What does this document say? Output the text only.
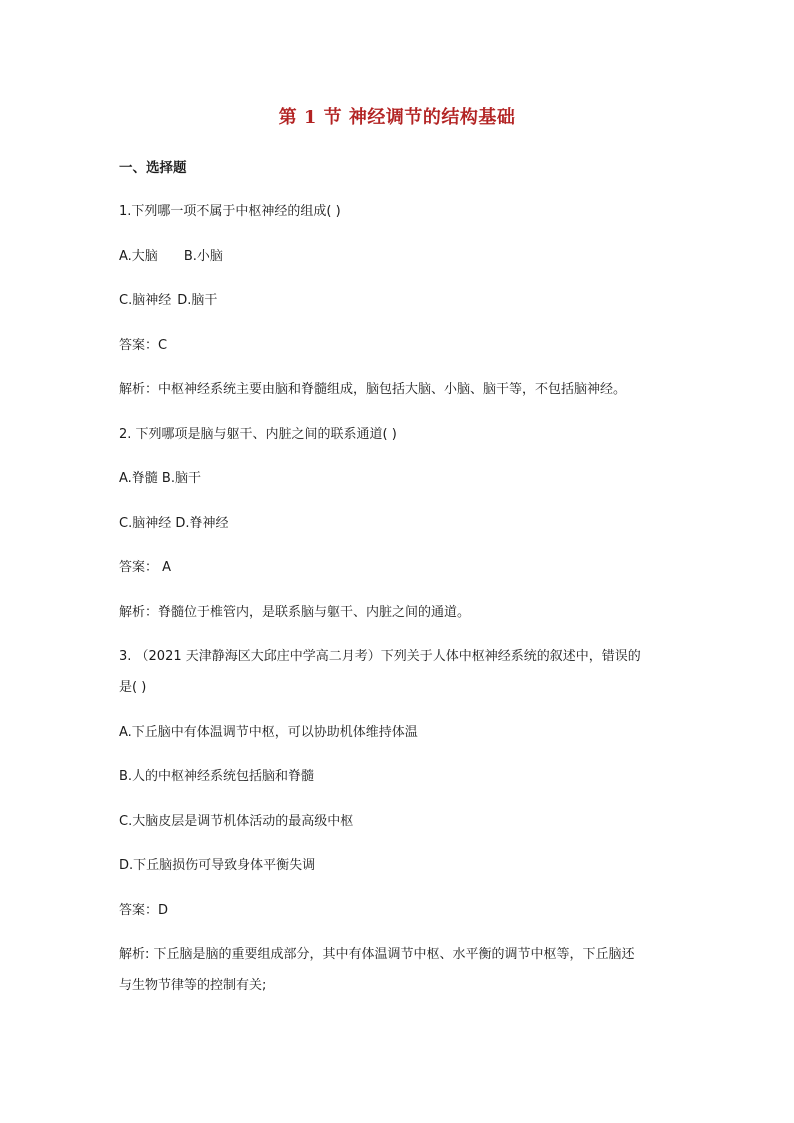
第 1 节 神经调节的结构基础
一、选择题
1.下列哪一项不属于中枢神经的组成( )
A.大脑 B.小脑
C.脑神经 D.脑干
答案：C
解析：中枢神经系统主要由脑和脊髓组成，脑包括大脑、小脑、脑干等，不包括脑神经。
2. 下列哪项是脑与躯干、内脏之间的联系通道( )
A.脊髓 B.脑干
C.脑神经 D.脊神经
答案： A
解析：脊髓位于椎管内，是联系脑与躯干、内脏之间的通道。
3. （2021 天津静海区大邱庄中学高二月考）下列关于人体中枢神经系统的叙述中，错误的
是( )
A.下丘脑中有体温调节中枢，可以协助机体维持体温
B.人的中枢神经系统包括脑和脊髓
C.大脑皮层是调节机体活动的最高级中枢
D.下丘脑损伤可导致身体平衡失调
答案：D
解析: 下丘脑是脑的重要组成部分，其中有体温调节中枢、水平衡的调节中枢等，下丘脑还
与生物节律等的控制有关;
